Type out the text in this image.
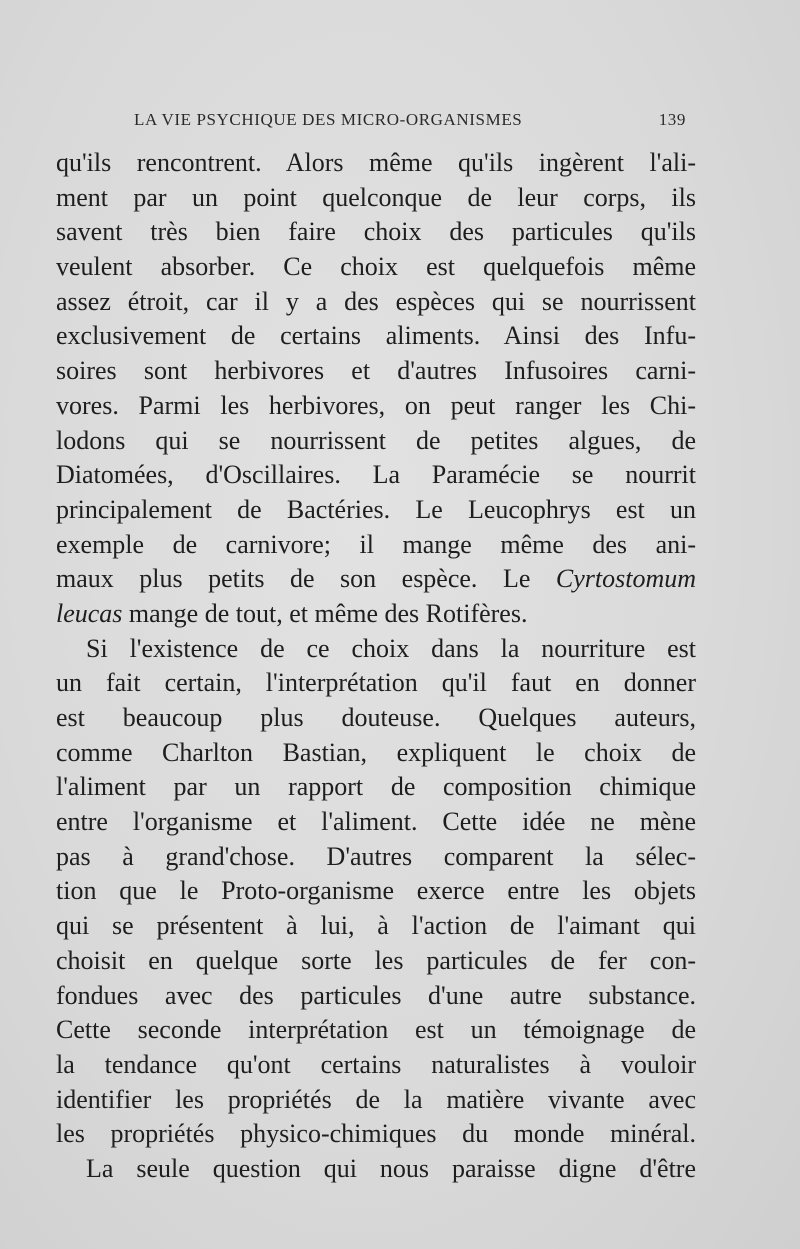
LA VIE PSYCHIQUE DES MICRO-ORGANISMES	139
qu'ils rencontrent. Alors même qu'ils ingèrent l'ali-
ment par un point quelconque de leur corps, ils
savent très bien faire choix des particules qu'ils
veulent absorber. Ce choix est quelquefois même
assez étroit, car il y a des espèces qui se nourrissent
exclusivement de certains aliments. Ainsi des Infu-
soires sont herbivores et d'autres Infusoires carni-
vores. Parmi les herbivores, on peut ranger les Chi-
lodons qui se nourrissent de petites algues, de
Diatomées, d'Oscillaires. La Paramécie se nourrit
principalement de Bactéries. Le Leucophrys est un
exemple de carnivore; il mange même des ani-
maux plus petits de son espèce. Le Cyrtostomum
leucas mange de tout, et même des Rotifères.
Si l'existence de ce choix dans la nourriture est
un fait certain, l'interprétation qu'il faut en donner
est beaucoup plus douteuse. Quelques auteurs,
comme Charlton Bastian, expliquent le choix de
l'aliment par un rapport de composition chimique
entre l'organisme et l'aliment. Cette idée ne mène
pas à grand'chose. D'autres comparent la sélec-
tion que le Proto-organisme exerce entre les objets
qui se présentent à lui, à l'action de l'aimant qui
choisit en quelque sorte les particules de fer con-
fondues avec des particules d'une autre substance.
Cette seconde interprétation est un témoignage de
la tendance qu'ont certains naturalistes à vouloir
identifier les propriétés de la matière vivante avec
les propriétés physico-chimiques du monde minéral.
La seule question qui nous paraisse digne d'être
